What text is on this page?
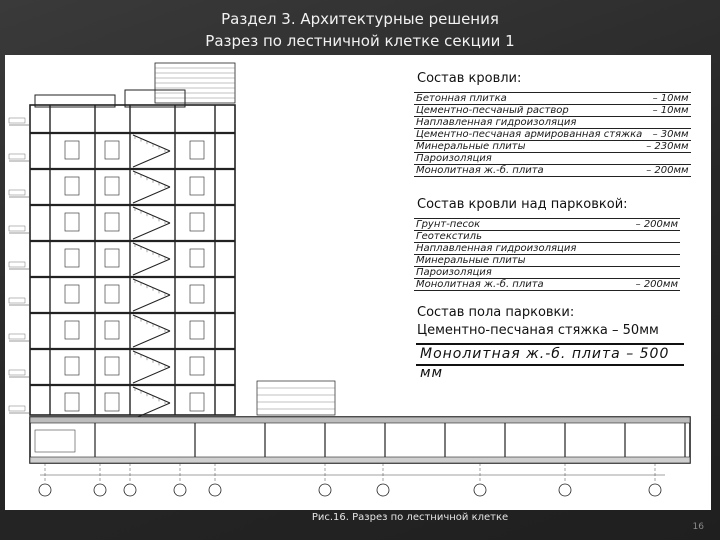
Раздел 3. Архитектурные решения
Разрез по лестничной клетке секции 1
Состав кровли:
Бетонная плитка	– 10мм
Цементно-песчаный раствор	– 10мм
Наплавленная гидроизоляция	
Цементно-песчаная армированная стяжка	– 30мм
Минеральные плиты	– 230мм
Пароизоляция	
Монолитная ж.-б. плита	– 200мм
Состав кровли над парковкой:
Грунт-песок	– 200мм
Геотекстиль	
Наплавленная гидроизоляция	
Минеральные плиты	
Пароизоляция	
Монолитная ж.-б. плита	– 200мм
Состав пола парковки:
Цементно-песчаная стяжка – 50мм
Монолитная ж.-б. плита – 500 мм
Рис.16. Разрез по лестничной клетке
16
